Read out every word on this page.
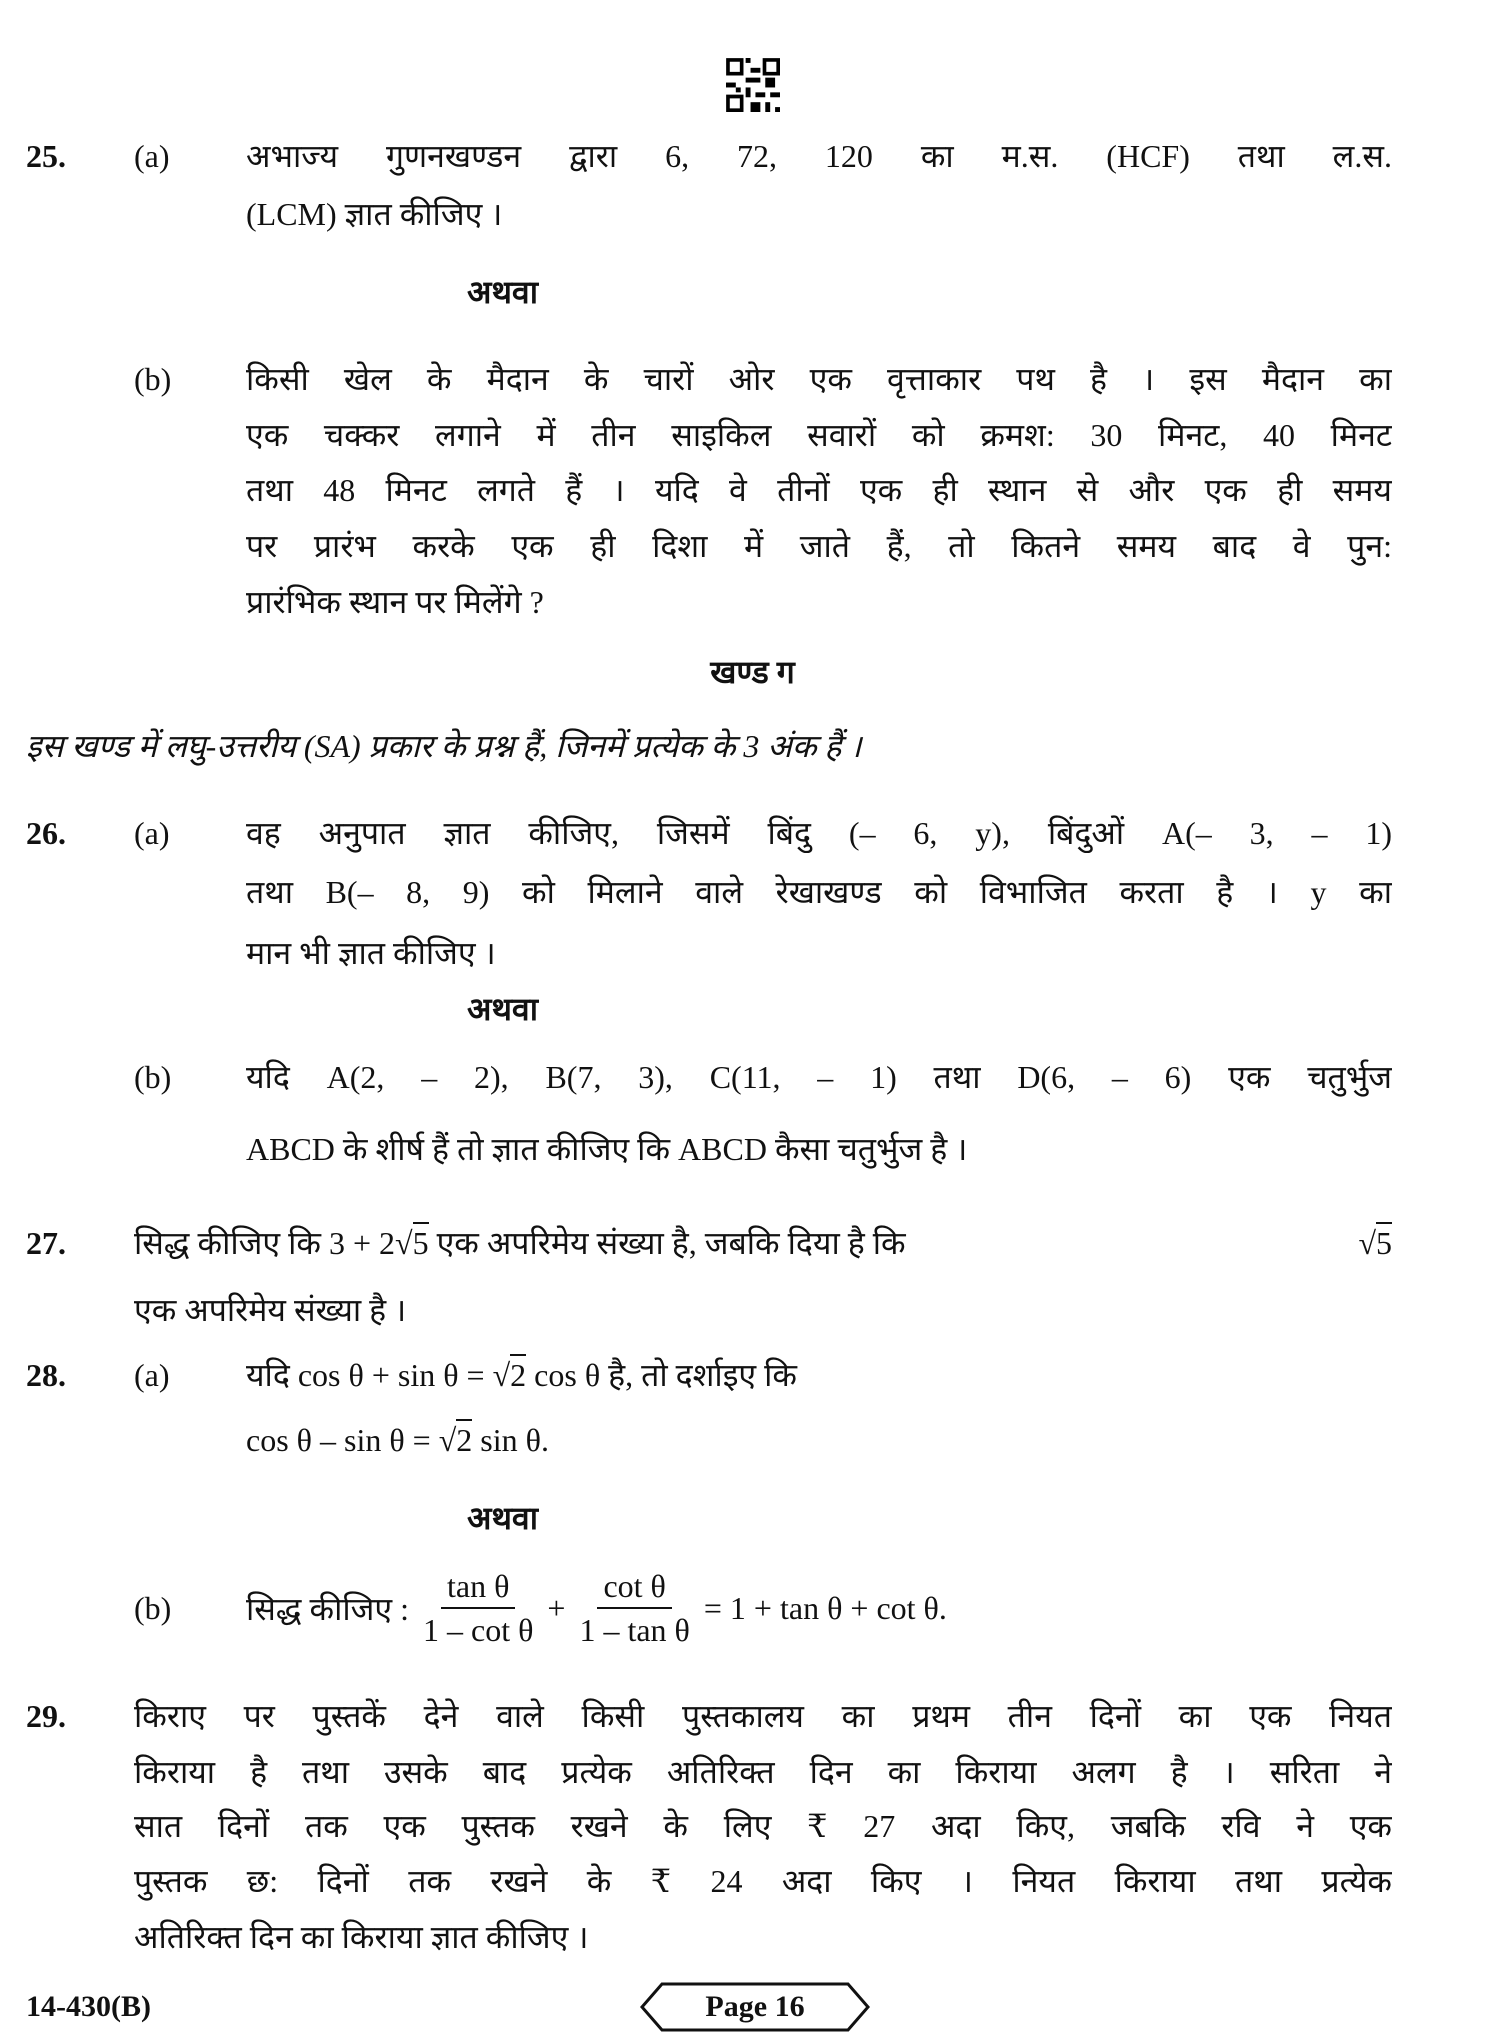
25. (a) अभाज्य गुणनखण्डन द्वारा 6, 72, 120 का म.स. (HCF) तथा ल.स.
(LCM) ज्ञात कीजिए ।
अथवा
(b) किसी खेल के मैदान के चारों ओर एक वृत्ताकार पथ है । इस मैदान का
एक चक्कर लगाने में तीन साइकिल सवारों को क्रमश: 30 मिनट, 40 मिनट
तथा 48 मिनट लगते हैं । यदि वे तीनों एक ही स्थान से और एक ही समय
पर प्रारंभ करके एक ही दिशा में जाते हैं, तो कितने समय बाद वे पुन:
प्रारंभिक स्थान पर मिलेंगे ?
खण्ड ग
इस खण्ड में लघु-उत्तरीय (SA) प्रकार के प्रश्न हैं, जिनमें प्रत्येक के 3 अंक हैं ।
26. (a) वह अनुपात ज्ञात कीजिए, जिसमें बिंदु (– 6, y), बिंदुओं A(– 3, – 1)
तथा B(– 8, 9) को मिलाने वाले रेखाखण्ड को विभाजित करता है । y का
मान भी ज्ञात कीजिए ।
अथवा
(b) यदि A(2, – 2), B(7, 3), C(11, – 1) तथा D(6, – 6) एक चतुर्भुज
ABCD के शीर्ष हैं तो ज्ञात कीजिए कि ABCD कैसा चतुर्भुज है ।
27. सिद्ध कीजिए कि 3 + 2√5 एक अपरिमेय संख्या है, जबकि दिया है कि	√5
एक अपरिमेय संख्या है ।
28. (a) यदि cos θ + sin θ = √2 cos θ है, तो दर्शाइए कि
cos θ – sin θ = √2 sin θ.
अथवा
(b) सिद्ध कीजिए : $\frac{\text{tan θ}}{\text{1 – cot θ}} + \frac{\text{cot θ}}{\text{1 – tan θ}} = 1 + \tan \theta + \cot \theta$.
29. किराए पर पुस्तकें देने वाले किसी पुस्तकालय का प्रथम तीन दिनों का एक नियत
किराया है तथा उसके बाद प्रत्येक अतिरिक्त दिन का किराया अलग है । सरिता ने
सात दिनों तक एक पुस्तक रखने के लिए ₹ 27 अदा किए, जबकि रवि ने एक
पुस्तक छ: दिनों तक रखने के ₹ 24 अदा किए । नियत किराया तथा प्रत्येक
अतिरिक्त दिन का किराया ज्ञात कीजिए ।
14-430(B)	Page 16
